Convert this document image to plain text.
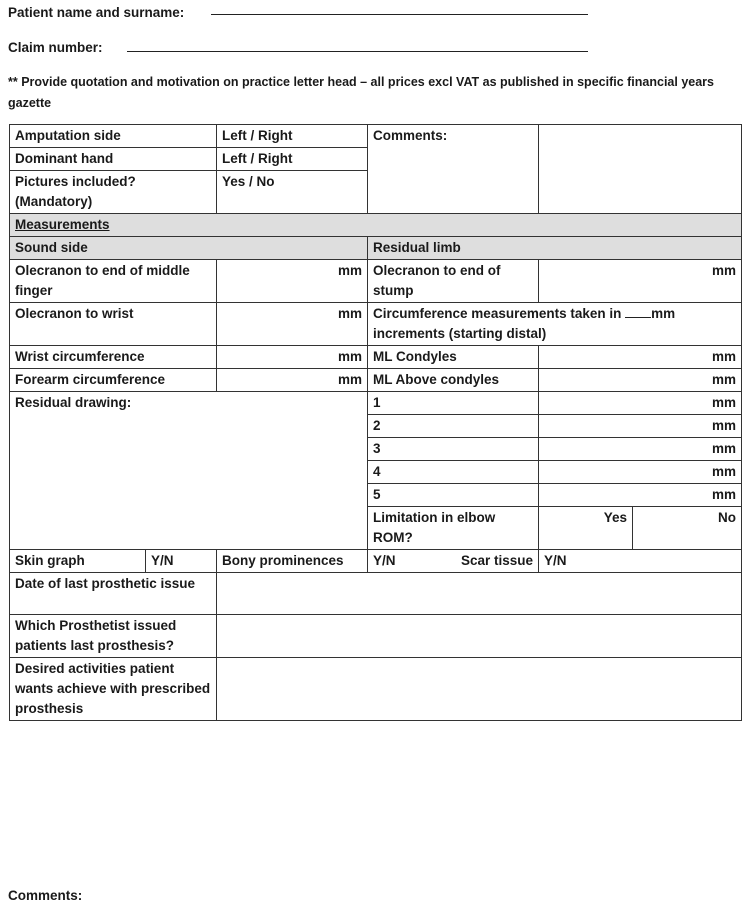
Patient name and surname:
Claim number:
** Provide quotation and motivation on practice letter head – all prices excl VAT as published in specific financial years gazette
Amputation side		Left / Right	Comments:		
Dominant hand		Left / Right			
Pictures included? (Mandatory)		Yes / No			
Measurements					
Sound side			Residual limb		
Olecranon to end of middle finger		mm	Olecranon to end of stump	mm	
Olecranon to wrist		mm	Circumference measurements taken in mm increments (starting distal)		
Wrist circumference		mm	ML Condyles	mm	
Forearm circumference		mm	ML Above condyles	mm	
Residual drawing:			1	mm	
			2	mm	
			3	mm	
			4	mm	
			5	mm	
			Limitation in elbow ROM?	Yes	No
Skin graph	Y/N	Bony prominences	Y/N Scar tissue	Y/N	
Date of last prosthetic issue					
Which Prosthetist issued patients last prosthesis?					
Desired activities patient wants achieve with prescribed prosthesis					
Comments:
